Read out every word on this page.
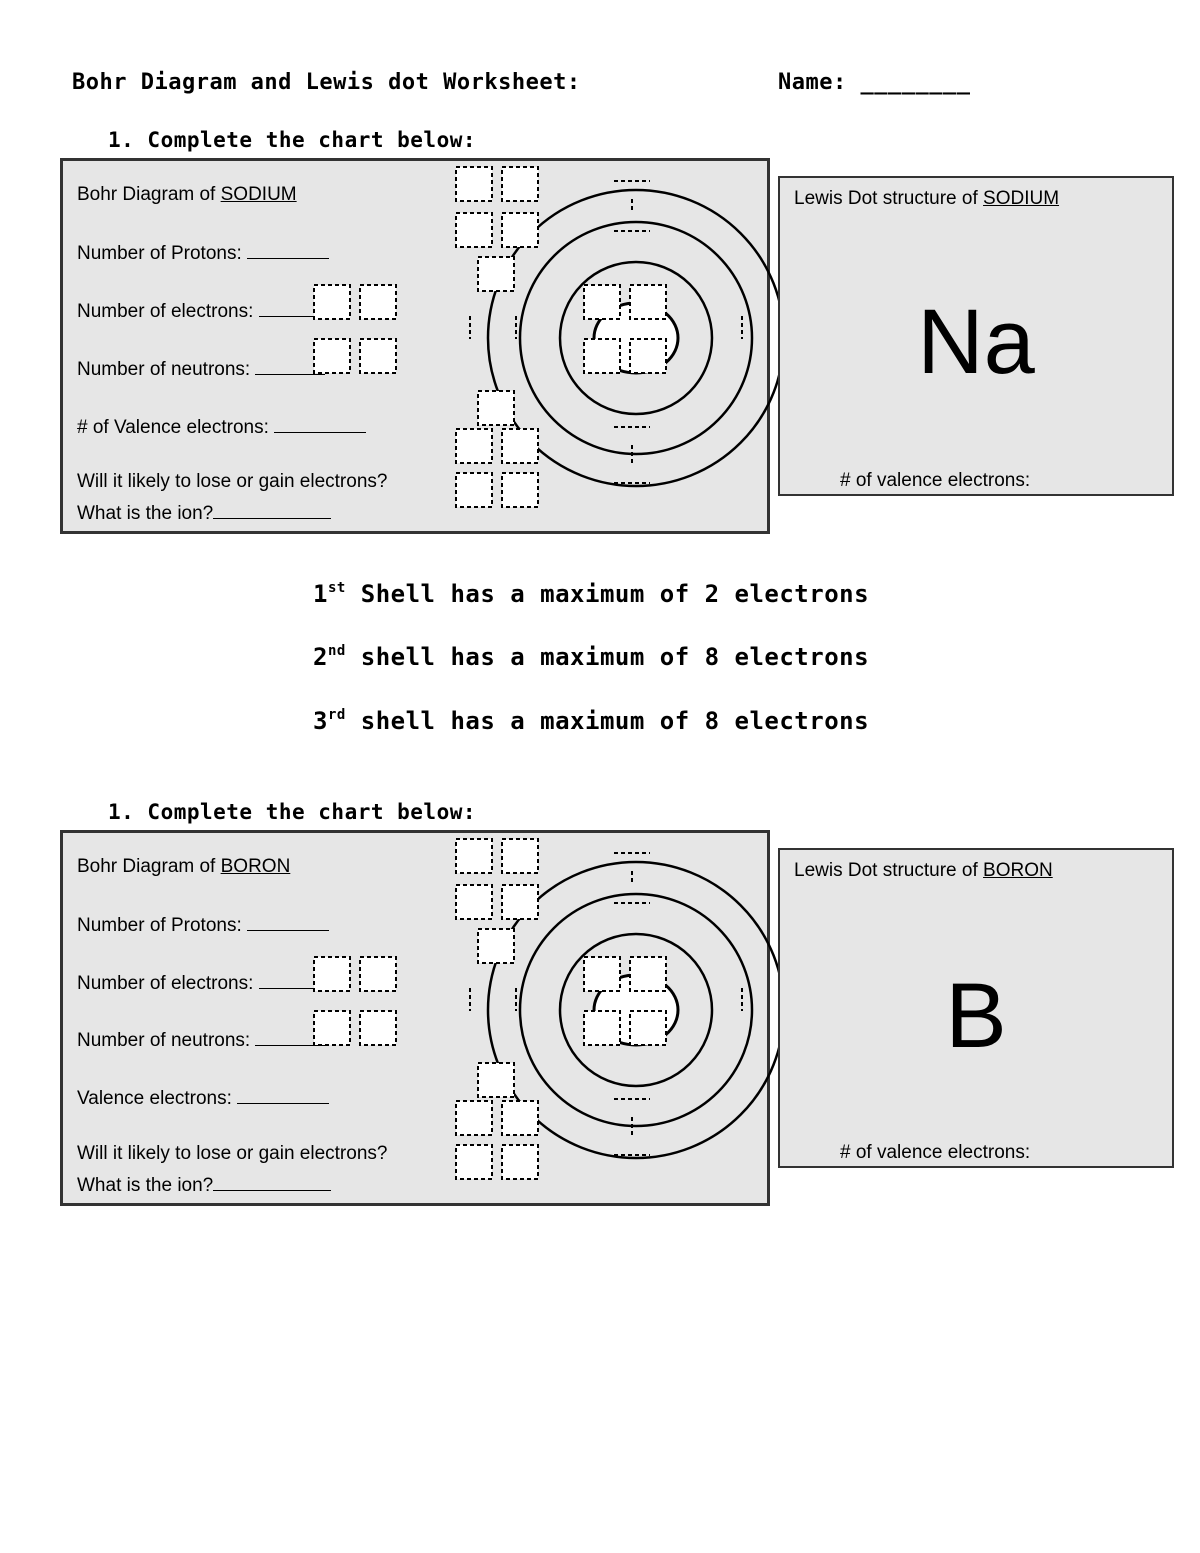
Bohr Diagram and Lewis dot Worksheet:	Name: ________
1. Complete the chart below:
Bohr Diagram of SODIUM
Number of Protons:
Number of electrons:
Number of neutrons:
# of Valence electrons:
Will it likely to lose or gain electrons?
What is the ion?
Lewis Dot structure of SODIUM
Na
# of valence electrons:
1st Shell has a maximum of 2 electrons
2nd shell has a maximum of 8 electrons
3rd shell has a maximum of 8 electrons
1. Complete the chart below:
Bohr Diagram of BORON
Number of Protons:
Number of electrons:
Number of neutrons:
Valence electrons:
Will it likely to lose or gain electrons?
What is the ion?
Lewis Dot structure of BORON
B
# of valence electrons:
